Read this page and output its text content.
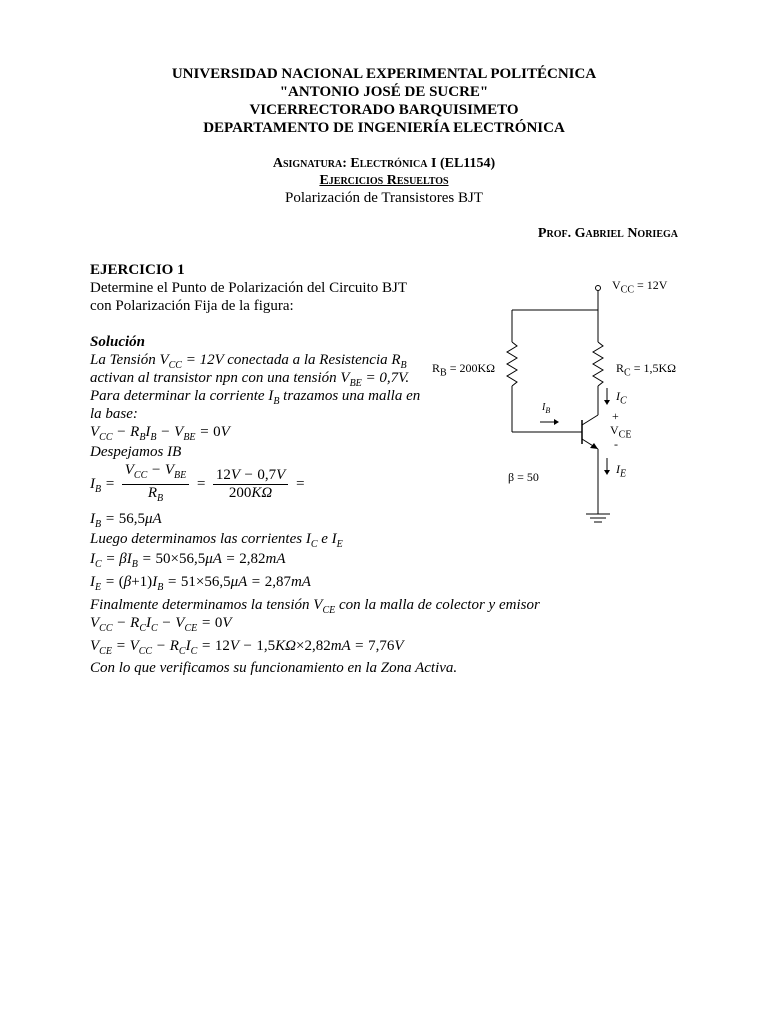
UNIVERSIDAD NACIONAL EXPERIMENTAL POLITÉCNICA
"ANTONIO JOSÉ DE SUCRE"
VICERRECTORADO BARQUISIMETO
DEPARTAMENTO DE INGENIERÍA ELECTRÓNICA
Asignatura: Electrónica I (EL1154)
Ejercicios Resueltos
Polarización de Transistores BJT
Prof. Gabriel Noriega
EJERCICIO 1
Determine el Punto de Polarización del Circuito BJT
con Polarización Fija de la figura:
Solución
La Tensión $V_{CC} = 12V$ conectada a la Resistencia $R_B$
activan al transistor npn con una tensión $V_{BE} = 0,7V$.
Para determinar la corriente $I_B$ trazamos una malla en
la base:
$V_{CC} - R_BI_B - V_{BE} = 0V$
Despejamos IB
$I_B = \frac{V_{CC} - V_{BE}}{R_B} = \frac{12V - 0,7V}{200K\Omega}$ =
$I_B = 56,5\mu A$
Luego determinamos las corrientes $I_C$ e $I_E$
$I_C = \beta I_B = 50\times 56,5\mu A = 2,82mA$
$I_E = (\beta+1)I_B = 51\times 56,5\mu A = 2,87mA$
Finalmente determinamos la tensión $V_{CE}$ con la malla de colector y emisor
$V_{CC} - R_CI_C - V_{CE} = 0V$
$V_{CE} = V_{CC} - R_CI_C = 12V - 1,5K\Omega\times 2,82mA = 7,76V$
Con lo que verificamos su funcionamiento en la Zona Activa.
$V_{CC} = 12V$
$R_B = 200K\Omega$	$R_C = 1,5K\Omega$
$I_C$
$I_B$	+
$V_{CE}$
-
$I_E$
β = 50
